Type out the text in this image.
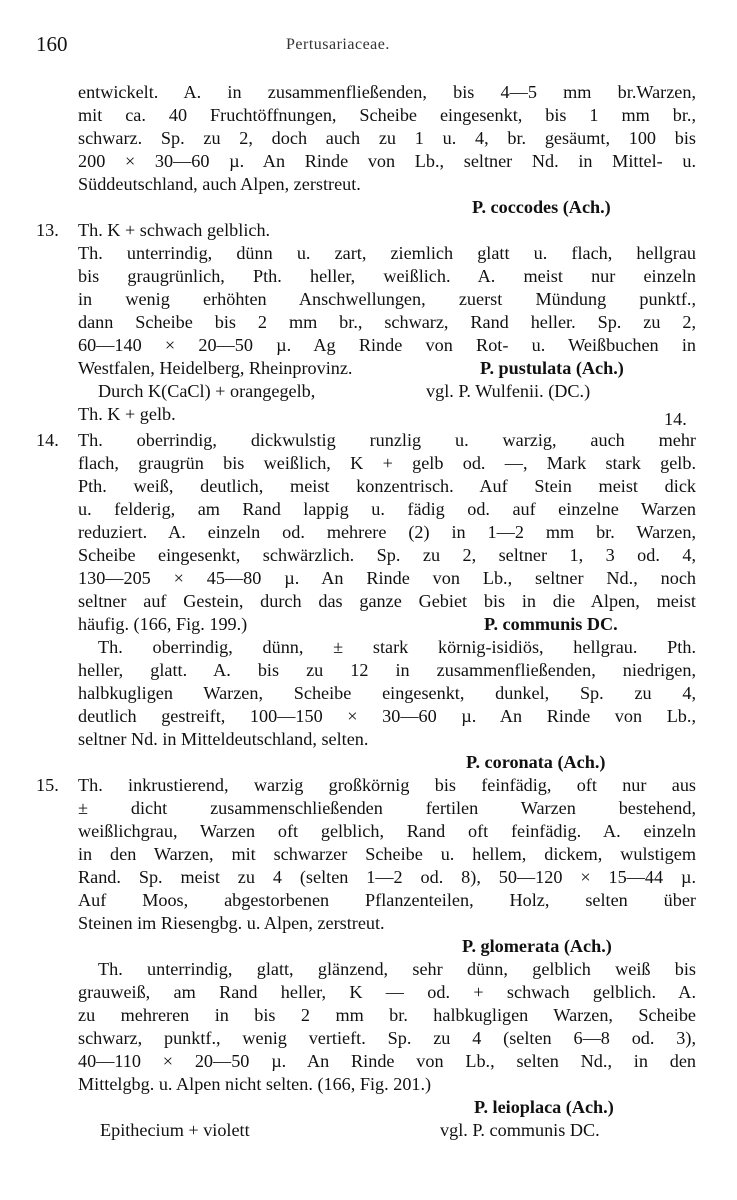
160	Pertusariaceae.
entwickelt. A. in zusammenfließenden, bis 4—5 mm br.Warzen,
mit ca. 40 Fruchtöffnungen, Scheibe eingesenkt, bis 1 mm br.,
schwarz. Sp. zu 2, doch auch zu 1 u. 4, br. gesäumt, 100 bis
200 × 30—60 µ. An Rinde von Lb., seltner Nd. in Mittel- u.
Süddeutschland, auch Alpen, zerstreut.
P. coccodes (Ach.)
13. Th. K + schwach gelblich.
Th. unterrindig, dünn u. zart, ziemlich glatt u. flach, hellgrau
bis graugrünlich, Pth. heller, weißlich. A. meist nur einzeln
in wenig erhöhten Anschwellungen, zuerst Mündung punktf.,
dann Scheibe bis 2 mm br., schwarz, Rand heller. Sp. zu 2,
60—140 × 20—50 µ. Ag Rinde von Rot- u. Weißbuchen in
Westfalen, Heidelberg, Rheinprovinz.	P. pustulata (Ach.)
Durch K(CaCl) + orangegelb,	vgl. P. Wulfenii. (DC.)
Th. K + gelb.	14.
14. Th. oberrindig, dickwulstig runzlig u. warzig, auch mehr
flach, graugrün bis weißlich, K + gelb od. —, Mark stark gelb.
Pth. weiß, deutlich, meist konzentrisch. Auf Stein meist dick
u. felderig, am Rand lappig u. fädig od. auf einzelne Warzen
reduziert. A. einzeln od. mehrere (2) in 1—2 mm br. Warzen,
Scheibe eingesenkt, schwärzlich. Sp. zu 2, seltner 1, 3 od. 4,
130—205 × 45—80 µ. An Rinde von Lb., seltner Nd., noch
seltner auf Gestein, durch das ganze Gebiet bis in die Alpen, meist
häufig. (166, Fig. 199.)	P. communis DC.
Th. oberrindig, dünn, ± stark körnig-isidiös, hellgrau. Pth.
heller, glatt. A. bis zu 12 in zusammenfließenden, niedrigen,
halbkugligen Warzen, Scheibe eingesenkt, dunkel, Sp. zu 4,
deutlich gestreift, 100—150 × 30—60 µ. An Rinde von Lb.,
seltner Nd. in Mitteldeutschland, selten.
P. coronata (Ach.)
15. Th. inkrustierend, warzig großkörnig bis feinfädig, oft nur aus
± dicht zusammenschließenden fertilen Warzen bestehend,
weißlichgrau, Warzen oft gelblich, Rand oft feinfädig. A. einzeln
in den Warzen, mit schwarzer Scheibe u. hellem, dickem, wulstigem
Rand. Sp. meist zu 4 (selten 1—2 od. 8), 50—120 × 15—44 µ.
Auf Moos, abgestorbenen Pflanzenteilen, Holz, selten über
Steinen im Riesengbg. u. Alpen, zerstreut.
P. glomerata (Ach.)
Th. unterrindig, glatt, glänzend, sehr dünn, gelblich weiß bis
grauweiß, am Rand heller, K — od. + schwach gelblich. A.
zu mehreren in bis 2 mm br. halbkugligen Warzen, Scheibe
schwarz, punktf., wenig vertieft. Sp. zu 4 (selten 6—8 od. 3),
40—110 × 20—50 µ. An Rinde von Lb., selten Nd., in den
Mittelgbg. u. Alpen nicht selten. (166, Fig. 201.)
P. leioplaca (Ach.)
Epithecium + violett	vgl. P. communis DC.
